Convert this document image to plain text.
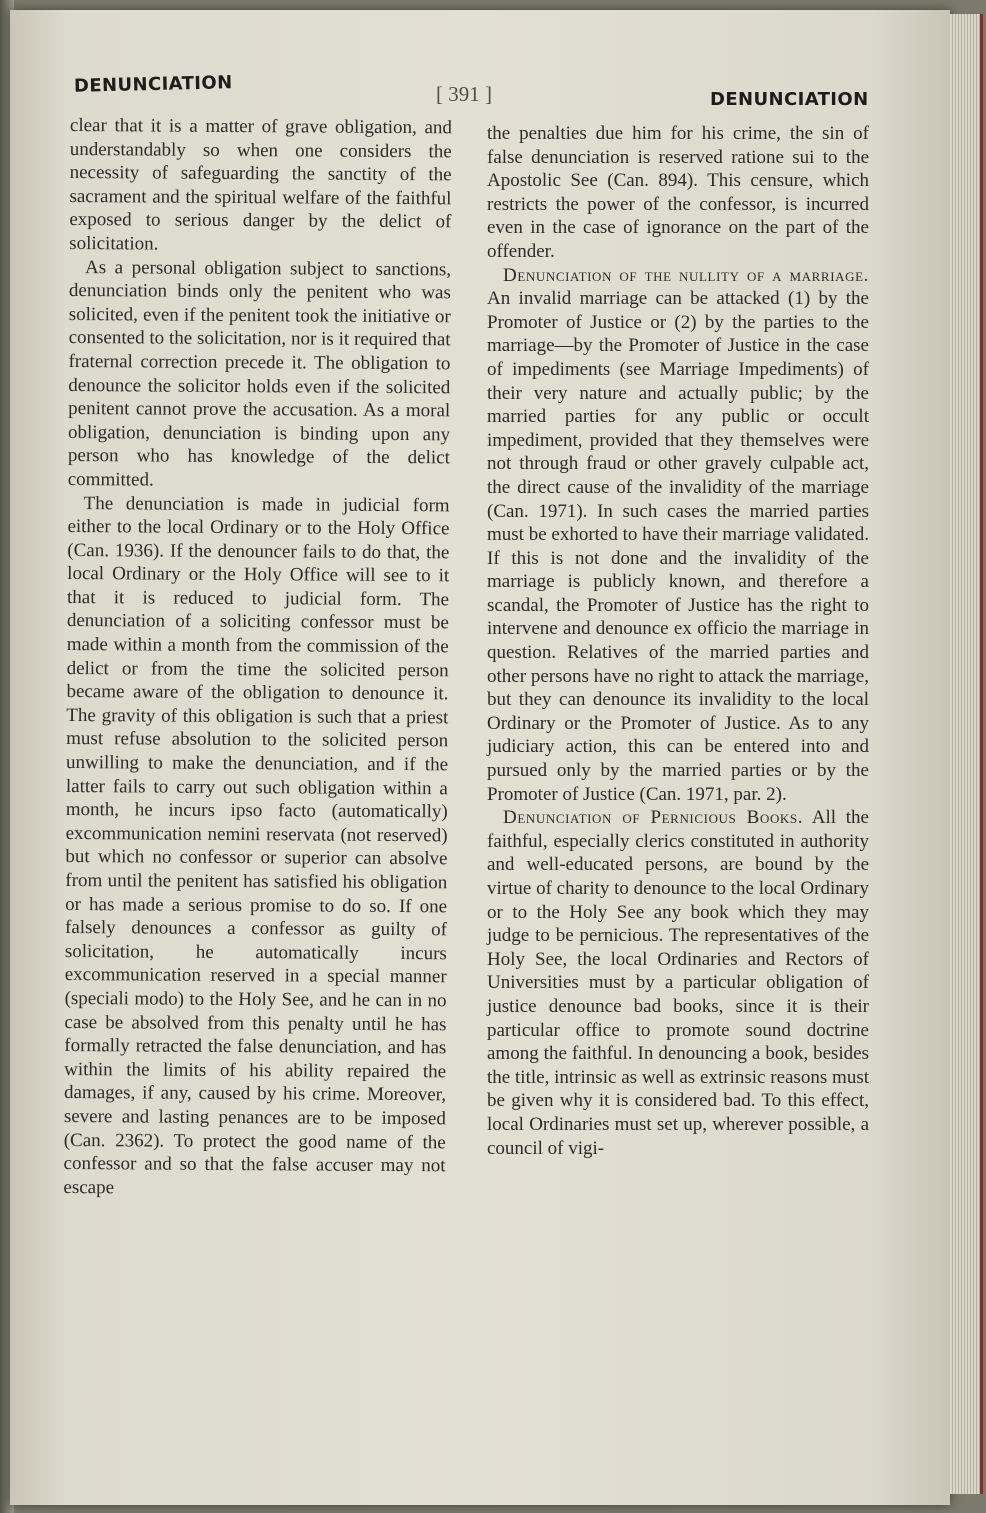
DENUNCIATION	[ 391 ]	DENUNCIATION

clear that it is a matter of grave obligation, and understandably so when one considers the necessity of safeguarding the sanctity of the sacrament and the spiritual welfare of the faithful exposed to serious danger by the delict of solicitation.

As a personal obligation subject to sanctions, denunciation binds only the penitent who was solicited, even if the penitent took the initiative or consented to the solicitation, nor is it required that fraternal correction precede it. The obligation to denounce the solicitor holds even if the solicited penitent cannot prove the accusation. As a moral obligation, denunciation is binding upon any person who has knowledge of the delict committed.

The denunciation is made in judicial form either to the local Ordinary or to the Holy Office (Can. 1936). If the denouncer fails to do that, the local Ordinary or the Holy Office will see to it that it is reduced to judicial form. The denunciation of a soliciting confessor must be made within a month from the commission of the delict or from the time the solicited person became aware of the obligation to denounce it. The gravity of this obligation is such that a priest must refuse absolution to the solicited person unwilling to make the denunciation, and if the latter fails to carry out such obligation within a month, he incurs ipso facto (automatically) excommunication nemini reservata (not reserved) but which no confessor or superior can absolve from until the penitent has satisfied his obligation or has made a serious promise to do so. If one falsely denounces a confessor as guilty of solicitation, he automatically incurs excommunication reserved in a special manner (speciali modo) to the Holy See, and he can in no case be absolved from this penalty until he has formally retracted the false denunciation, and has within the limits of his ability repaired the damages, if any, caused by his crime. Moreover, severe and lasting penances are to be imposed (Can. 2362). To protect the good name of the confessor and so that the false accuser may not escape

the penalties due him for his crime, the sin of false denunciation is reserved ratione sui to the Apostolic See (Can. 894). This censure, which restricts the power of the confessor, is incurred even in the case of ignorance on the part of the offender.

Denunciation of the nullity of a marriage. An invalid marriage can be attacked (1) by the Promoter of Justice or (2) by the parties to the marriage—by the Promoter of Justice in the case of impediments (see Marriage Impediments) of their very nature and actually public; by the married parties for any public or occult impediment, provided that they themselves were not through fraud or other gravely culpable act, the direct cause of the invalidity of the marriage (Can. 1971). In such cases the married parties must be exhorted to have their marriage validated. If this is not done and the invalidity of the marriage is publicly known, and therefore a scandal, the Promoter of Justice has the right to intervene and denounce ex officio the marriage in question. Relatives of the married parties and other persons have no right to attack the marriage, but they can denounce its invalidity to the local Ordinary or the Promoter of Justice. As to any judiciary action, this can be entered into and pursued only by the married parties or by the Promoter of Justice (Can. 1971, par. 2).

Denunciation of Pernicious Books. All the faithful, especially clerics constituted in authority and well-educated persons, are bound by the virtue of charity to denounce to the local Ordinary or to the Holy See any book which they may judge to be pernicious. The representatives of the Holy See, the local Ordinaries and Rectors of Universities must by a particular obligation of justice denounce bad books, since it is their particular office to promote sound doctrine among the faithful. In denouncing a book, besides the title, intrinsic as well as extrinsic reasons must be given why it is considered bad. To this effect, local Ordinaries must set up, wherever possible, a council of vigi-
